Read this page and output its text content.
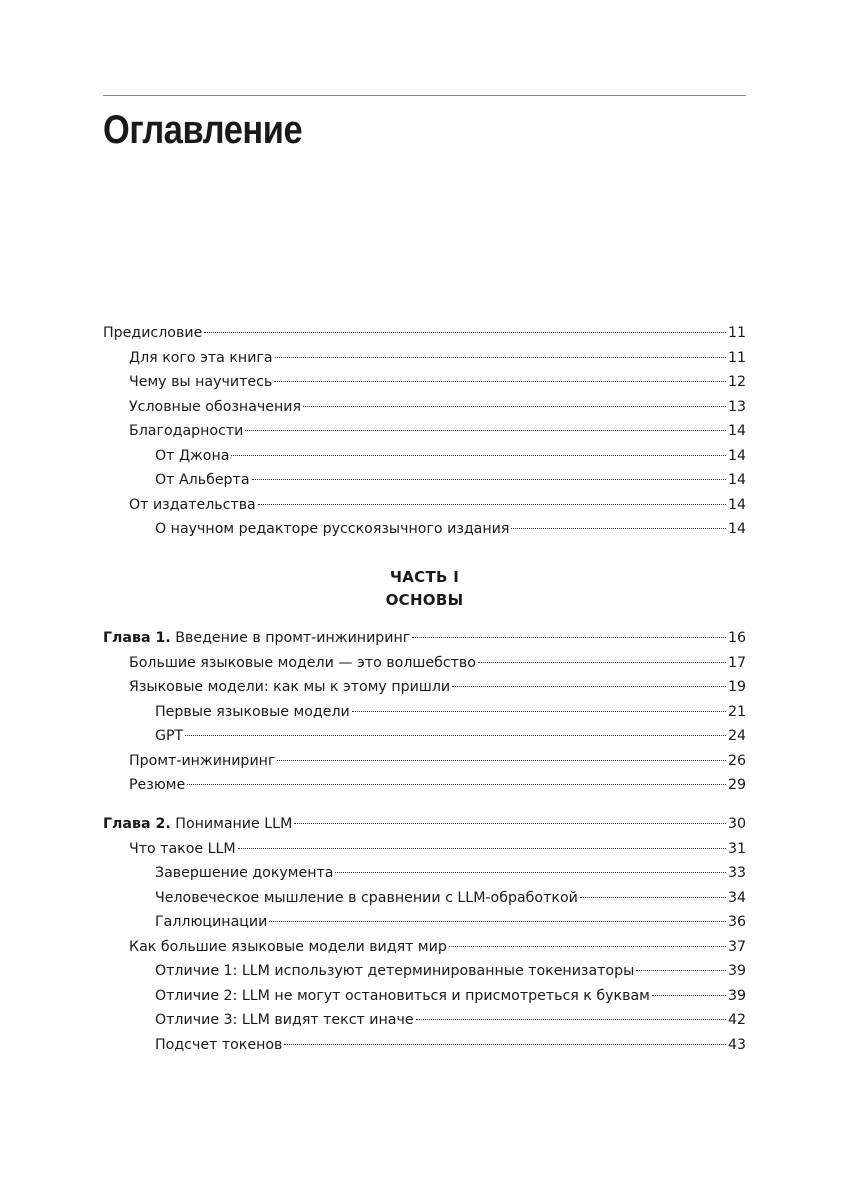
Оглавление
Предисловие	11
Для кого эта книга	11
Чему вы научитесь	12
Условные обозначения	13
Благодарности	14
От Джона	14
От Альберта	14
От издательства	14
О научном редакторе русскоязычного издания	14
ЧАСТЬ I
ОСНОВЫ
Глава 1. Введение в промт-инжиниринг	16
Большие языковые модели — это волшебство	17
Языковые модели: как мы к этому пришли	19
Первые языковые модели	21
GPT	24
Промт-инжиниринг	26
Резюме	29
Глава 2. Понимание LLM	30
Что такое LLM	31
Завершение документа	33
Человеческое мышление в сравнении с LLM-обработкой	34
Галлюцинации	36
Как большие языковые модели видят мир	37
Отличие 1: LLM используют детерминированные токенизаторы	39
Отличие 2: LLM не могут остановиться и присмотреться к буквам	39
Отличие 3: LLM видят текст иначе	42
Подсчет токенов	43
